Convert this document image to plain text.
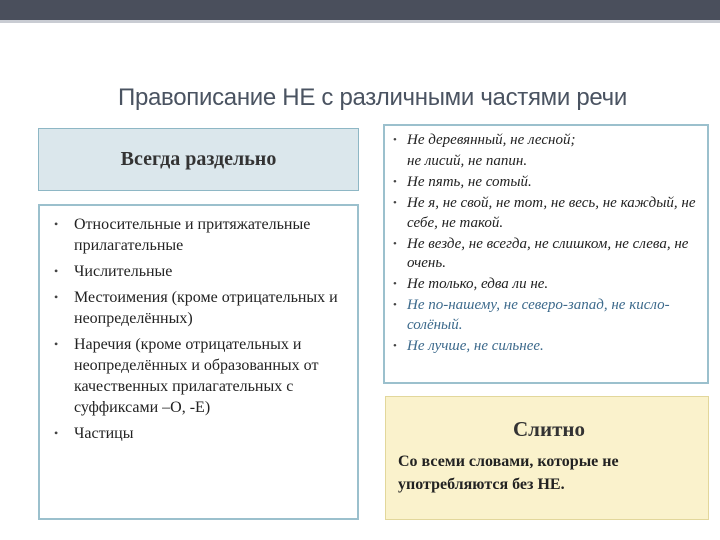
Правописание НЕ с различными частями речи
Всегда раздельно
• Относительные и притяжательные прилагательные
• Числительные
• Местоимения (кроме отрицательных и неопределённых)
• Наречия (кроме отрицательных и неопределённых и образованных от качественных прилагательных с суффиксами –О, -Е)
• Частицы
• Не деревянный, не лесной;
не лисий, не папин.
• Не пять, не сотый.
• Не я, не свой, не тот, не весь, не каждый, не себе, не такой.
• Не везде, не всегда, не слишком, не слева, не очень.
• Не только, едва ли не.
• Не по-нашему, не северо-запад, не кисло-солёный.
• Не лучше, не сильнее.
Слитно
Со всеми словами, которые не употребляются без НЕ.
